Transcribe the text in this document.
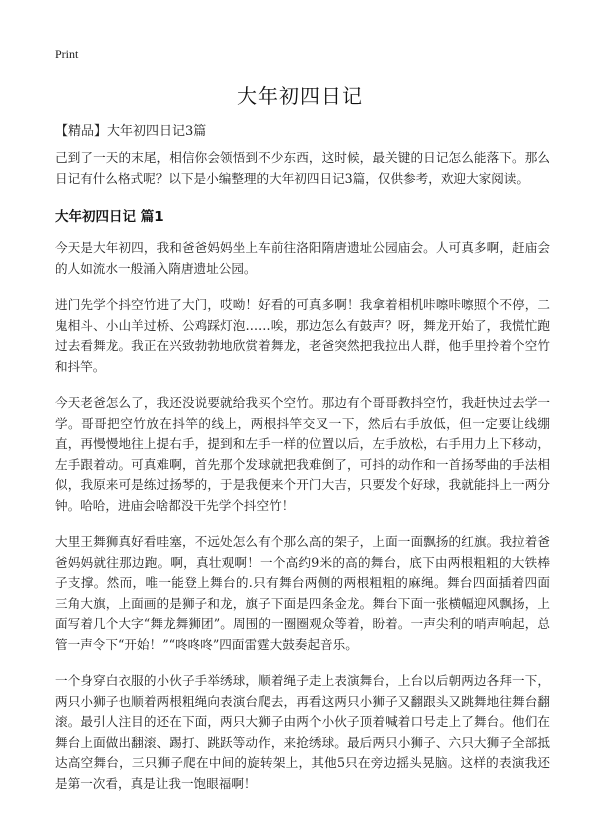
Print
大年初四日记

【精品】大年初四日记3篇

己到了一天的末尾，相信你会领悟到不少东西，这时候，最关键的日记怎么能落下。那么日记有什么格式呢？以下是小编整理的大年初四日记3篇，仅供参考，欢迎大家阅读。

大年初四日记 篇1

今天是大年初四，我和爸爸妈妈坐上车前往洛阳隋唐遗址公园庙会。人可真多啊，赶庙会的人如流水一般涌入隋唐遗址公园。

进门先学个抖空竹进了大门，哎呦！好看的可真多啊！我拿着相机咔嚓咔嚓照个不停，二鬼相斗、小山羊过桥、公鸡踩灯泡……唉，那边怎么有鼓声？呀，舞龙开始了，我慌忙跑过去看舞龙。我正在兴致勃勃地欣赏着舞龙，老爸突然把我拉出人群，他手里拎着个空竹和抖竿。

今天老爸怎么了，我还没说要就给我买个空竹。那边有个哥哥教抖空竹，我赶快过去学一学。哥哥把空竹放在抖竿的线上，两根抖竿交叉一下，然后右手放低，但一定要让线绷直，再慢慢地往上提右手，提到和左手一样的位置以后，左手放松，右手用力上下移动，左手跟着动。可真难啊，首先那个发球就把我难倒了，可抖的动作和一首扬琴曲的手法相似，我原来可是练过扬琴的，于是我便来个开门大吉，只要发个好球，我就能抖上一两分钟。哈哈，进庙会啥都没干先学个抖空竹！

大里王舞狮真好看哇塞，不远处怎么有个那么高的架子，上面一面飘扬的红旗。我拉着爸爸妈妈就往那边跑。啊，真壮观啊！一个高约9米的高的舞台，底下由两根粗粗的大铁棒子支撑。然而，唯一能登上舞台的.只有舞台两侧的两根粗粗的麻绳。舞台四面插着四面三角大旗，上面画的是狮子和龙，旗子下面是四条金龙。舞台下面一张横幅迎风飘扬，上面写着几个大字“舞龙舞狮团”。周围的一圈圈观众等着，盼着。一声尖利的哨声响起，总管一声令下“开始！”“咚咚咚”四面雷霆大鼓奏起音乐。

一个身穿白衣服的小伙子手举绣球，顺着绳子走上表演舞台，上台以后朝两边各拜一下，两只小狮子也顺着两根粗绳向表演台爬去，再看这两只小狮子又翻跟头又跳舞地往舞台翻滚。最引人注目的还在下面，两只大狮子由两个小伙子顶着喊着口号走上了舞台。他们在舞台上面做出翻滚、踢打、跳跃等动作，来抢绣球。最后两只小狮子、六只大狮子全部抵达高空舞台，三只狮子爬在中间的旋转架上，其他5只在旁边摇头晃脑。这样的表演我还是第一次看，真是让我一饱眼福啊！
